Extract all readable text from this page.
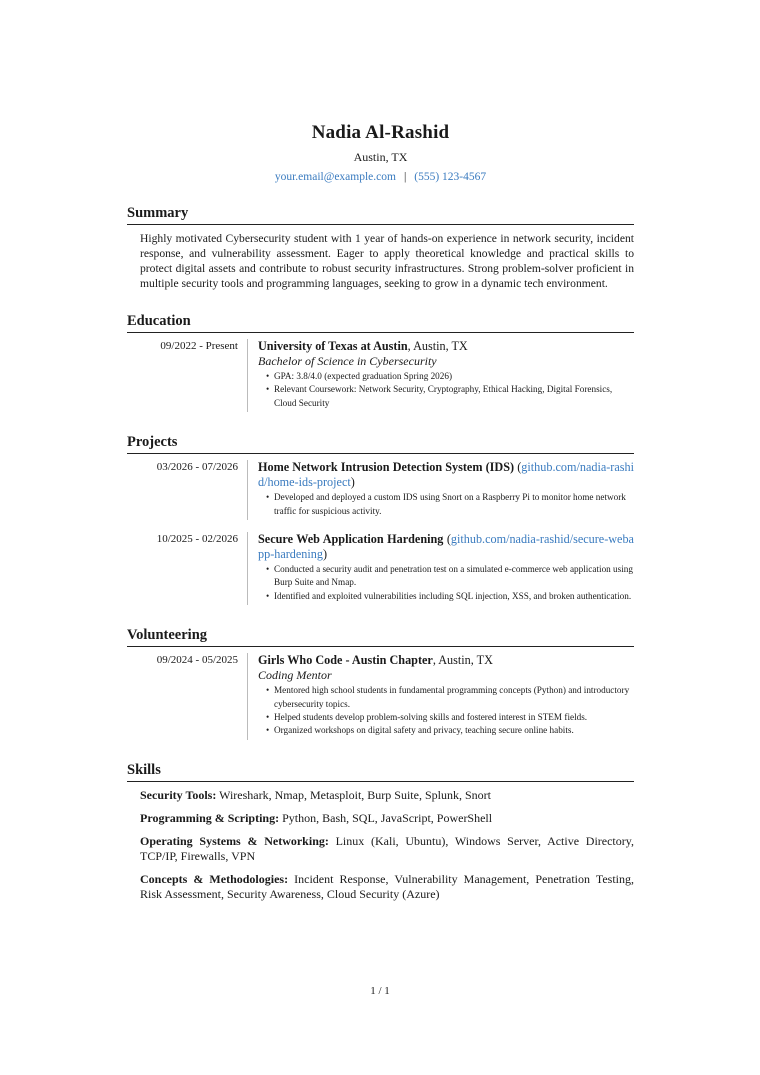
Nadia Al-Rashid
Austin, TX
your.email@example.com | (555) 123-4567
Summary
Highly motivated Cybersecurity student with 1 year of hands-on experience in network security, incident response, and vulnerability assessment. Eager to apply theoretical knowledge and practical skills to protect digital assets and contribute to robust security infrastructures. Strong problem-solver proficient in multiple security tools and programming languages, seeking to grow in a dynamic tech environment.
Education
09/2022 - Present	University of Texas at Austin, Austin, TX
Bachelor of Science in Cybersecurity
• GPA: 3.8/4.0 (expected graduation Spring 2026)
• Relevant Coursework: Network Security, Cryptography, Ethical Hacking, Digital Forensics, Cloud Security
Projects
03/2026 - 07/2026	Home Network Intrusion Detection System (IDS) (github.com/nadia-rashid/home-ids-project)
• Developed and deployed a custom IDS using Snort on a Raspberry Pi to monitor home network traffic for suspicious activity.
10/2025 - 02/2026	Secure Web Application Hardening (github.com/nadia-rashid/secure-webapp-hardening)
• Conducted a security audit and penetration test on a simulated e-commerce web application using Burp Suite and Nmap.
• Identified and exploited vulnerabilities including SQL injection, XSS, and broken authentication.
Volunteering
09/2024 - 05/2025	Girls Who Code - Austin Chapter, Austin, TX
Coding Mentor
• Mentored high school students in fundamental programming concepts (Python) and introductory cybersecurity topics.
• Helped students develop problem-solving skills and fostered interest in STEM fields.
• Organized workshops on digital safety and privacy, teaching secure online habits.
Skills
Security Tools: Wireshark, Nmap, Metasploit, Burp Suite, Splunk, Snort
Programming & Scripting: Python, Bash, SQL, JavaScript, PowerShell
Operating Systems & Networking: Linux (Kali, Ubuntu), Windows Server, Active Directory, TCP/IP, Firewalls, VPN
Concepts & Methodologies: Incident Response, Vulnerability Management, Penetration Testing, Risk Assessment, Security Awareness, Cloud Security (Azure)
1 / 1
